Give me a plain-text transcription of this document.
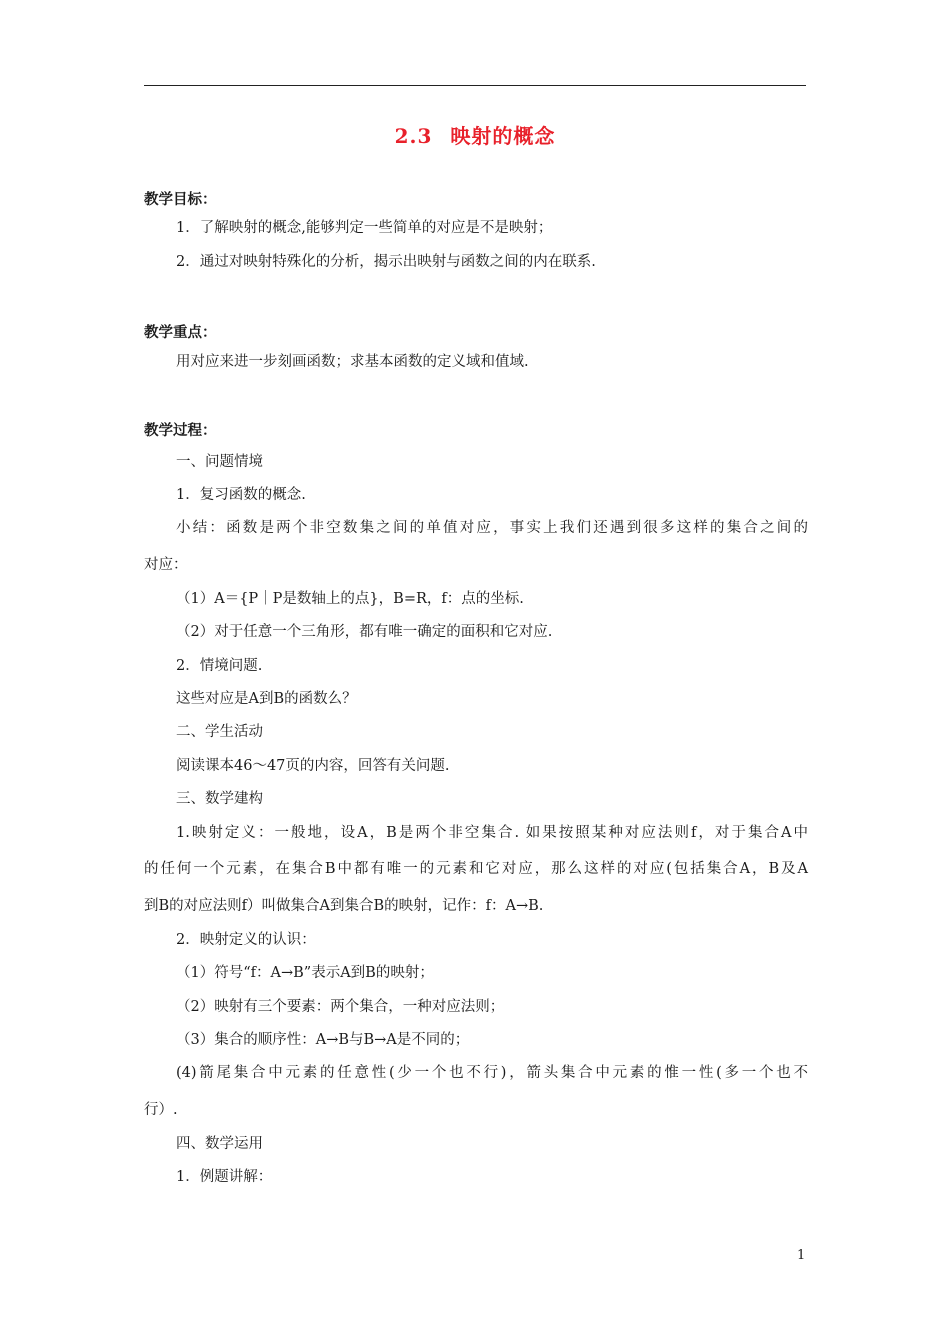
2.3 映射的概念
教学目标：
1．了解映射的概念,能够判定一些简单的对应是不是映射；
2．通过对映射特殊化的分析，揭示出映射与函数之间的内在联系.
教学重点：
用对应来进一步刻画函数；求基本函数的定义域和值域.
教学过程：
一、问题情境
1．复习函数的概念.
小结：函数是两个非空数集之间的单值对应，事实上我们还遇到很多这样的集合之间的
对应：
（1）A＝{P｜P是数轴上的点}，B=R，f：点的坐标.
（2）对于任意一个三角形，都有唯一确定的面积和它对应.
2．情境问题.
这些对应是A到B的函数么？
二、学生活动
阅读课本46～47页的内容，回答有关问题.
三、数学建构
1.映射定义：一般地，设A，B是两个非空集合. 如果按照某种对应法则f，对于集合A中
的任何一个元素，在集合B中都有唯一的元素和它对应，那么这样的对应(包括集合A，B及A
到B的对应法则f）叫做集合A到集合B的映射，记作：f：A→B.
2．映射定义的认识：
（1）符号“f：A→B”表示A到B的映射；
（2）映射有三个要素：两个集合，一种对应法则；
（3）集合的顺序性：A→B与B→A是不同的；
(4)箭尾集合中元素的任意性(少一个也不行)，箭头集合中元素的惟一性(多一个也不
行）.
四、数学运用
1．例题讲解：
1
